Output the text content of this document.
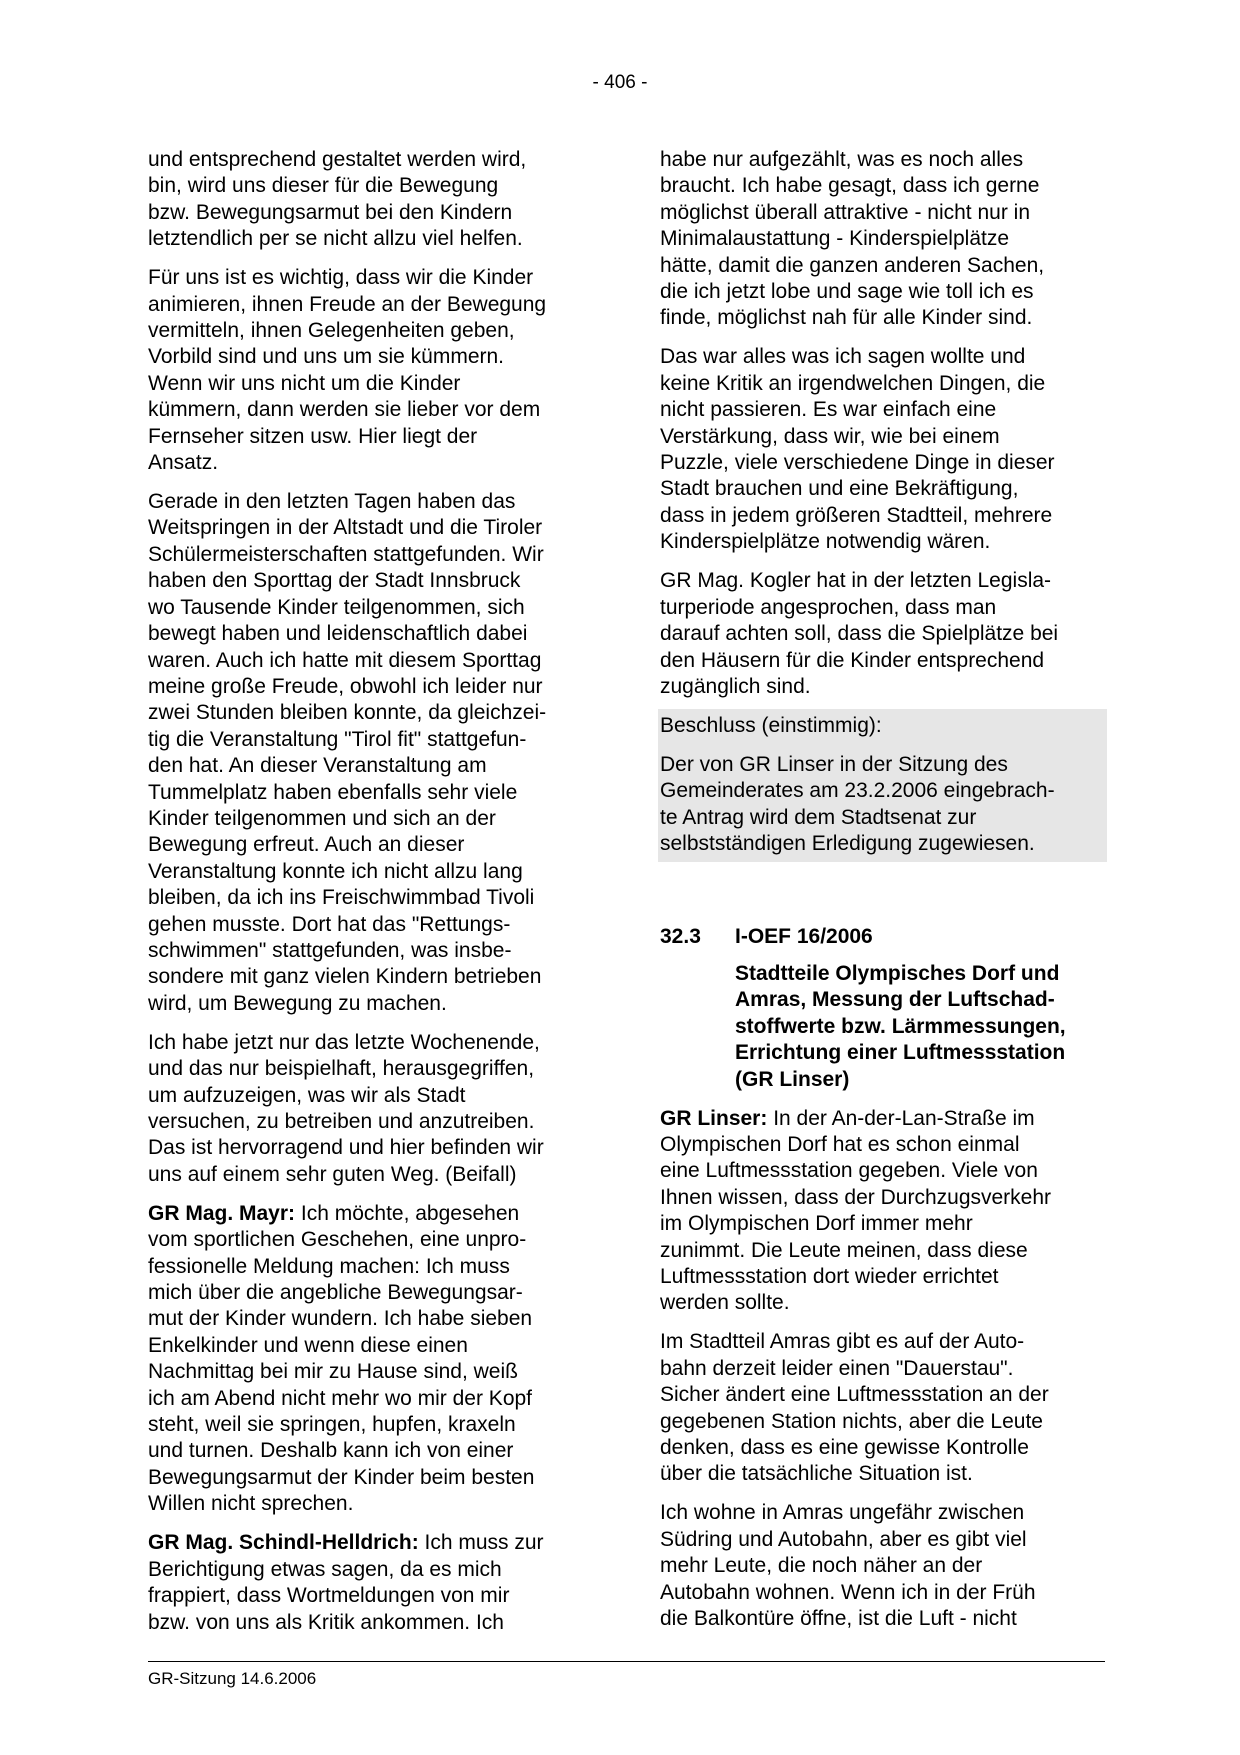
- 406 -

und entsprechend gestaltet werden wird,
bin, wird uns dieser für die Bewegung
bzw. Bewegungsarmut bei den Kindern
letztendlich per se nicht allzu viel helfen.

Für uns ist es wichtig, dass wir die Kinder
animieren, ihnen Freude an der Bewegung
vermitteln, ihnen Gelegenheiten geben,
Vorbild sind und uns um sie kümmern.
Wenn wir uns nicht um die Kinder
kümmern, dann werden sie lieber vor dem
Fernseher sitzen usw. Hier liegt der
Ansatz.

Gerade in den letzten Tagen haben das
Weitspringen in der Altstadt und die Tiroler
Schülermeisterschaften stattgefunden. Wir
haben den Sporttag der Stadt Innsbruck
wo Tausende Kinder teilgenommen, sich
bewegt haben und leidenschaftlich dabei
waren. Auch ich hatte mit diesem Sporttag
meine große Freude, obwohl ich leider nur
zwei Stunden bleiben konnte, da gleichzei-
tig die Veranstaltung "Tirol fit" stattgefun-
den hat. An dieser Veranstaltung am
Tummelplatz haben ebenfalls sehr viele
Kinder teilgenommen und sich an der
Bewegung erfreut. Auch an dieser
Veranstaltung konnte ich nicht allzu lang
bleiben, da ich ins Freischwimmbad Tivoli
gehen musste. Dort hat das "Rettungs-
schwimmen" stattgefunden, was insbe-
sondere mit ganz vielen Kindern betrieben
wird, um Bewegung zu machen.

Ich habe jetzt nur das letzte Wochenende,
und das nur beispielhaft, herausgegriffen,
um aufzuzeigen, was wir als Stadt
versuchen, zu betreiben und anzutreiben.
Das ist hervorragend und hier befinden wir
uns auf einem sehr guten Weg. (Beifall)

GR Mag. Mayr: Ich möchte, abgesehen
vom sportlichen Geschehen, eine unpro-
fessionelle Meldung machen: Ich muss
mich über die angebliche Bewegungsar-
mut der Kinder wundern. Ich habe sieben
Enkelkinder und wenn diese einen
Nachmittag bei mir zu Hause sind, weiß
ich am Abend nicht mehr wo mir der Kopf
steht, weil sie springen, hupfen, kraxeln
und turnen. Deshalb kann ich von einer
Bewegungsarmut der Kinder beim besten
Willen nicht sprechen.

GR Mag. Schindl-Helldrich: Ich muss zur
Berichtigung etwas sagen, da es mich
frappiert, dass Wortmeldungen von mir
bzw. von uns als Kritik ankommen. Ich

habe nur aufgezählt, was es noch alles
braucht. Ich habe gesagt, dass ich gerne
möglichst überall attraktive - nicht nur in
Minimalaustattung - Kinderspielplätze
hätte, damit die ganzen anderen Sachen,
die ich jetzt lobe und sage wie toll ich es
finde, möglichst nah für alle Kinder sind.

Das war alles was ich sagen wollte und
keine Kritik an irgendwelchen Dingen, die
nicht passieren. Es war einfach eine
Verstärkung, dass wir, wie bei einem
Puzzle, viele verschiedene Dinge in dieser
Stadt brauchen und eine Bekräftigung,
dass in jedem größeren Stadtteil, mehrere
Kinderspielplätze notwendig wären.

GR Mag. Kogler hat in der letzten Legisla-
turperiode angesprochen, dass man
darauf achten soll, dass die Spielplätze bei
den Häusern für die Kinder entsprechend
zugänglich sind.

Beschluss (einstimmig):

Der von GR Linser in der Sitzung des
Gemeinderates am 23.2.2006 eingebrach-
te Antrag wird dem Stadtsenat zur
selbstständigen Erledigung zugewiesen.

32.3 I-OEF 16/2006
Stadtteile Olympisches Dorf und
Amras, Messung der Luftschad-
stoffwerte bzw. Lärmmessungen,
Errichtung einer Luftmessstation
(GR Linser)

GR Linser: In der An-der-Lan-Straße im
Olympischen Dorf hat es schon einmal
eine Luftmessstation gegeben. Viele von
Ihnen wissen, dass der Durchzugsverkehr
im Olympischen Dorf immer mehr
zunimmt. Die Leute meinen, dass diese
Luftmessstation dort wieder errichtet
werden sollte.

Im Stadtteil Amras gibt es auf der Auto-
bahn derzeit leider einen "Dauerstau".
Sicher ändert eine Luftmessstation an der
gegebenen Station nichts, aber die Leute
denken, dass es eine gewisse Kontrolle
über die tatsächliche Situation ist.

Ich wohne in Amras ungefähr zwischen
Südring und Autobahn, aber es gibt viel
mehr Leute, die noch näher an der
Autobahn wohnen. Wenn ich in der Früh
die Balkontüre öffne, ist die Luft - nicht

GR-Sitzung 14.6.2006
